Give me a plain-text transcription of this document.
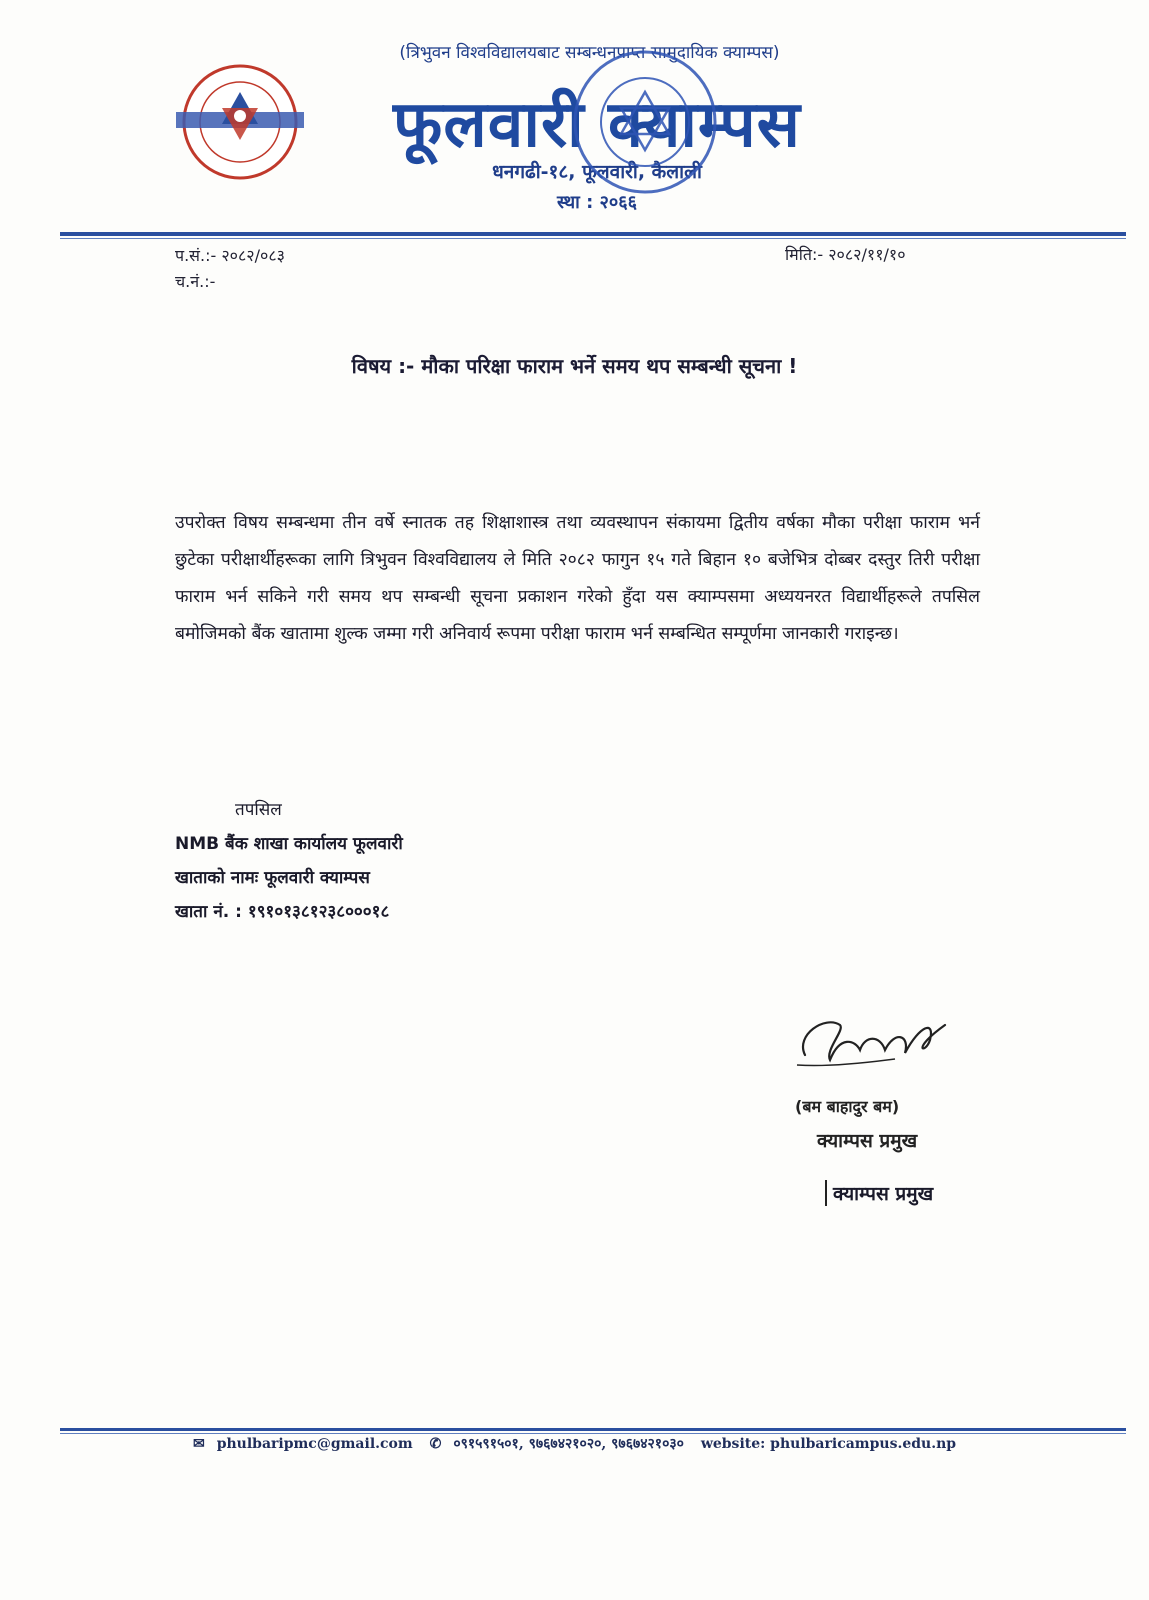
(त्रिभुवन विश्वविद्यालयबाट सम्बन्धनप्राप्त सामुदायिक क्याम्पस)
फूलवारी क्याम्पस
धनगढी-१८, फूलवारी, कैलाली
स्था : २०६६
प.सं.:- २०८२/०८३
च.नं.:-
मिति:- २०८२/११/१०
विषय :- मौका परिक्षा फाराम भर्ने समय थप सम्बन्धी सूचना !
उपरोक्त विषय सम्बन्धमा तीन वर्षे स्नातक तह शिक्षाशास्त्र तथा व्यवस्थापन संकायमा द्वितीय वर्षका मौका परीक्षा फाराम भर्न छुटेका परीक्षार्थीहरूका लागि त्रिभुवन विश्वविद्यालय ले मिति २०८२ फागुन १५ गते बिहान १० बजेभित्र दोब्बर दस्तुर तिरी परीक्षा फाराम भर्न सकिने गरी समय थप सम्बन्धी सूचना प्रकाशन गरेको हुँदा यस क्याम्पसमा अध्ययनरत विद्यार्थीहरूले तपसिल बमोजिमको बैंक खातामा शुल्क जम्मा गरी अनिवार्य रूपमा परीक्षा फाराम भर्न सम्बन्धित सम्पूर्णमा जानकारी गराइन्छ।
तपसिल
NMB बैंक शाखा कार्यालय फूलवारी
खाताको नामः फूलवारी क्याम्पस
खाता नं. : १९१०१३८१२३८०००१८
(बम बाहादुर बम)
क्याम्पस प्रमुख
क्याम्पस प्रमुख
✉ phulbaripmc@gmail.com ✆ ०९१५९१५०१, ९७६७४२१०२०, ९७६७४२१०३० website: phulbaricampus.edu.np
